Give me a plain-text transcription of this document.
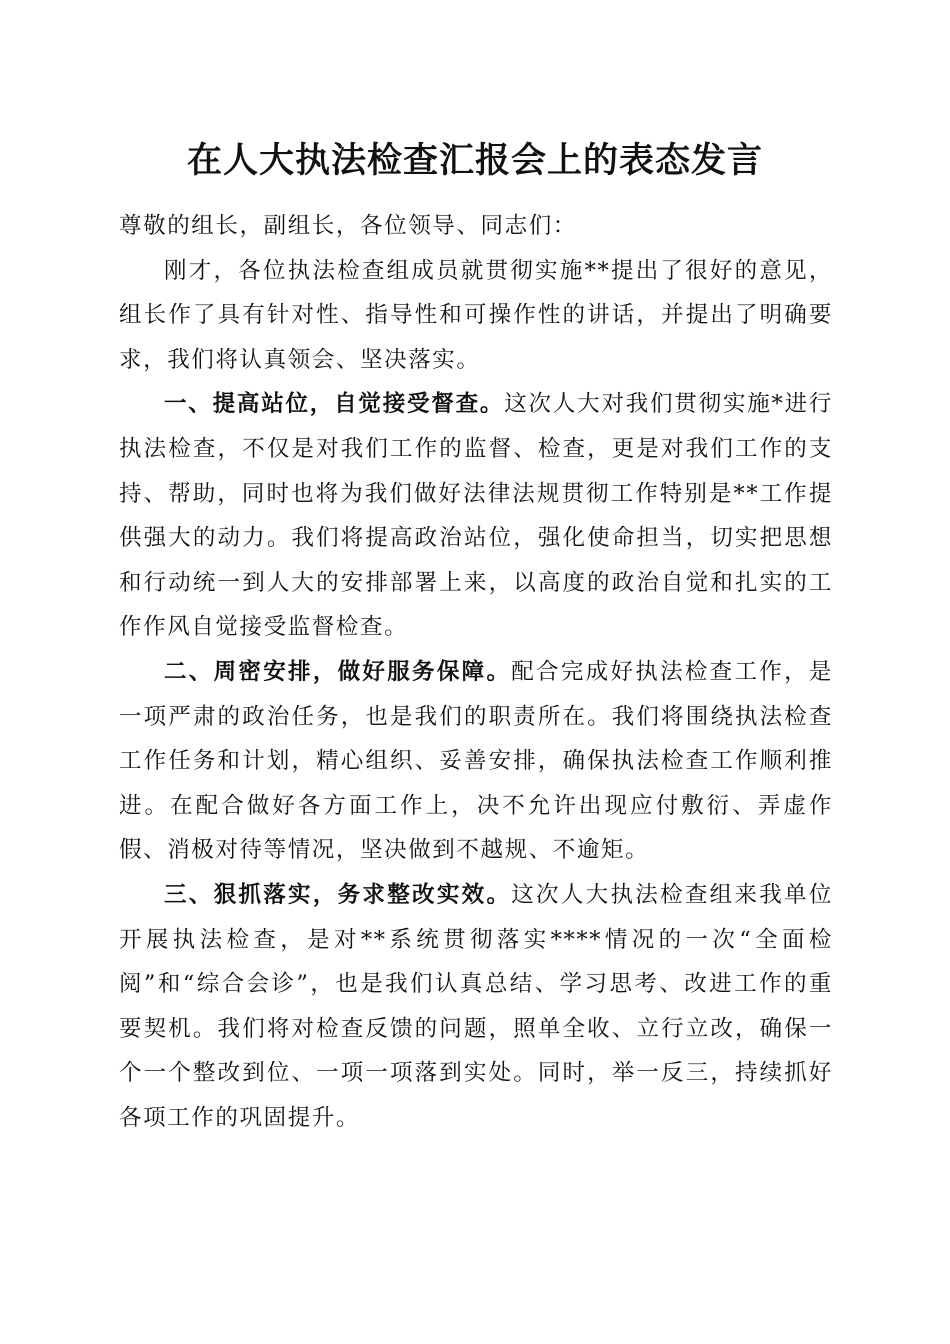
在人大执法检查汇报会上的表态发言

尊敬的组长，副组长，各位领导、同志们：

刚才，各位执法检查组成员就贯彻实施**提出了很好的意见，组长作了具有针对性、指导性和可操作性的讲话，并提出了明确要求，我们将认真领会、坚决落实。

一、提高站位，自觉接受督查。这次人大对我们贯彻实施*进行执法检查，不仅是对我们工作的监督、检查，更是对我们工作的支持、帮助，同时也将为我们做好法律法规贯彻工作特别是**工作提供强大的动力。我们将提高政治站位，强化使命担当，切实把思想和行动统一到人大的安排部署上来，以高度的政治自觉和扎实的工作作风自觉接受监督检查。

二、周密安排，做好服务保障。配合完成好执法检查工作，是一项严肃的政治任务，也是我们的职责所在。我们将围绕执法检查工作任务和计划，精心组织、妥善安排，确保执法检查工作顺利推进。在配合做好各方面工作上，决不允许出现应付敷衍、弄虚作假、消极对待等情况，坚决做到不越规、不逾矩。

三、狠抓落实，务求整改实效。这次人大执法检查组来我单位开展执法检查，是对**系统贯彻落实****情况的一次“全面检阅”和“综合会诊”，也是我们认真总结、学习思考、改进工作的重要契机。我们将对检查反馈的问题，照单全收、立行立改，确保一个一个整改到位、一项一项落到实处。同时，举一反三，持续抓好各项工作的巩固提升。
